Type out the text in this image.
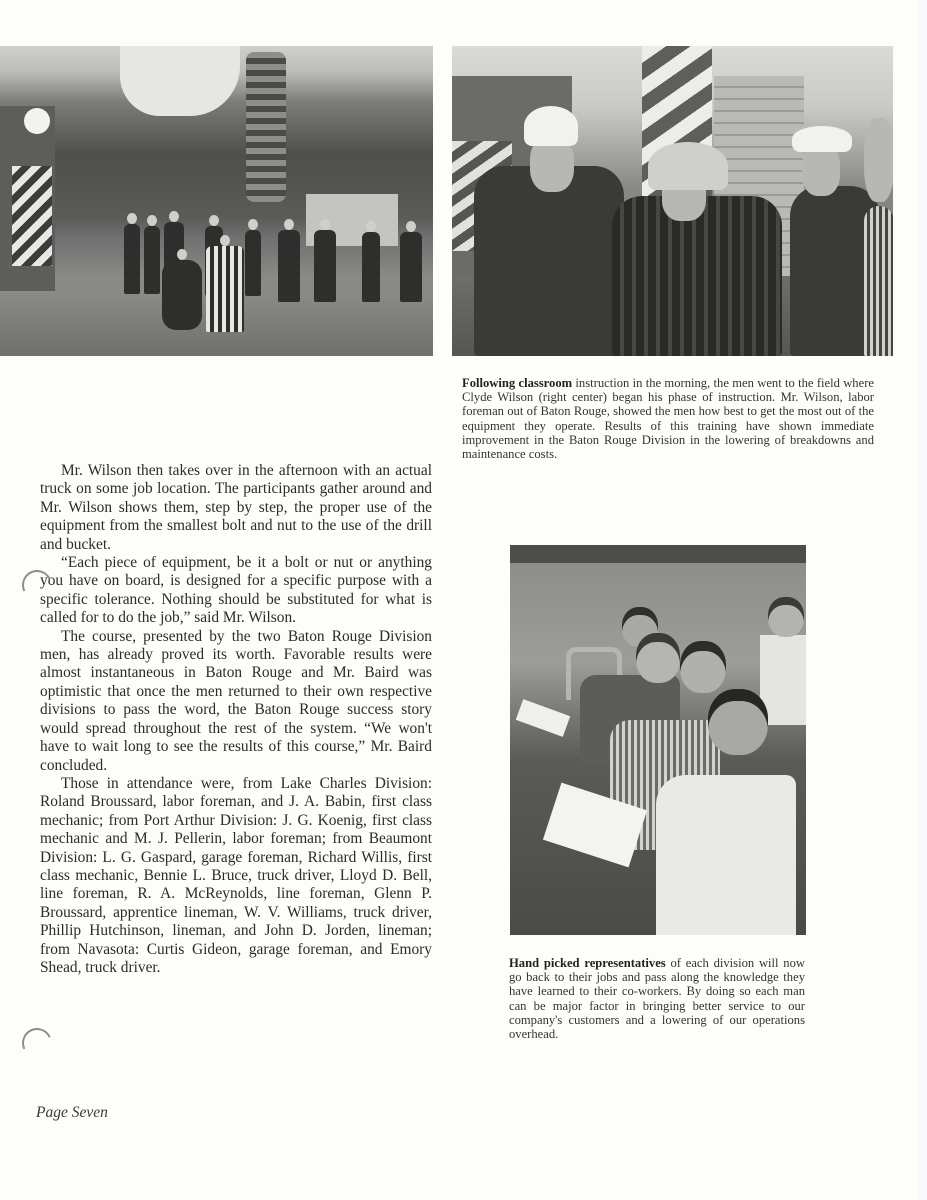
Following classroom instruction in the morning, the men went to the field where Clyde Wilson (right center) began his phase of instruction. Mr. Wilson, labor foreman out of Baton Rouge, showed the men how best to get the most out of the equipment they operate. Results of this training have shown immediate improvement in the Baton Rouge Division in the lowering of breakdowns and maintenance costs.

Mr. Wilson then takes over in the afternoon with an actual truck on some job location. The participants gather around and Mr. Wilson shows them, step by step, the proper use of the equipment from the smallest bolt and nut to the use of the drill and bucket.

“Each piece of equipment, be it a bolt or nut or anything you have on board, is designed for a specific purpose with a specific tolerance. Nothing should be substituted for what is called for to do the job,” said Mr. Wilson.

The course, presented by the two Baton Rouge Division men, has already proved its worth. Favorable results were almost instantaneous in Baton Rouge and Mr. Baird was optimistic that once the men returned to their own respective divisions to pass the word, the Baton Rouge success story would spread throughout the rest of the system. “We won't have to wait long to see the results of this course,” Mr. Baird concluded.

Those in attendance were, from Lake Charles Division: Roland Broussard, labor foreman, and J. A. Babin, first class mechanic; from Port Arthur Division: J. G. Koenig, first class mechanic and M. J. Pellerin, labor foreman; from Beaumont Division: L. G. Gaspard, garage foreman, Richard Willis, first class mechanic, Bennie L. Bruce, truck driver, Lloyd D. Bell, line foreman, R. A. McReynolds, line foreman, Glenn P. Broussard, apprentice lineman, W. V. Williams, truck driver, Phillip Hutchinson, lineman, and John D. Jorden, lineman; from Navasota: Curtis Gideon, garage foreman, and Emory Shead, truck driver.	Hand picked representatives of each division will now go back to their jobs and pass along the knowledge they have learned to their co-workers. By doing so each man can be major factor in bringing better service to our company's customers and a lowering of our operations overhead.
Page Seven
